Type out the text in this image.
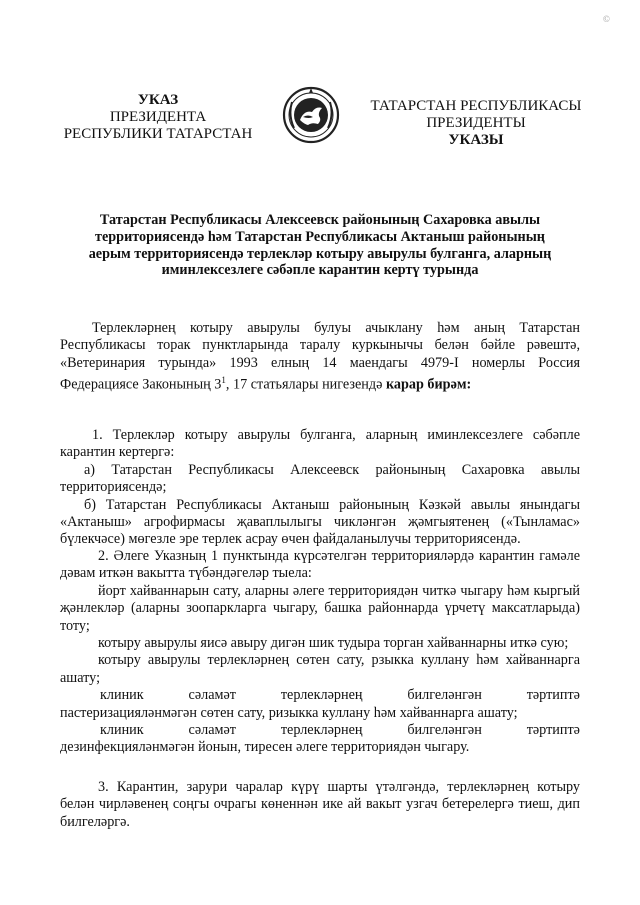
©
УКАЗ
ПРЕЗИДЕНТА
РЕСПУБЛИКИ ТАТАРСТАН
ТАТАРСТАН РЕСПУБЛИКАСЫ
ПРЕЗИДЕНТЫ
УКАЗЫ
Татарстан Республикасы Алексеевск районының Сахаровка авылы
территориясендә һәм Татарстан Республикасы Актаныш районының
аерым территориясендә терлекләр котыру авырулы булганга, аларның
иминлексезлеге сәбәпле карантин кертү турында

Терлекләрнең котыру авырулы булуы ачыклану һәм аның Татарстан Республикасы торак пунктларында таралу куркынычы белән бәйле рәвештә, «Ветеринария турында» 1993 елның 14 маендагы 4979-I номерлы Россия Федерациясе Законының $3^1$, 17 статьялары нигезендә карар бирәм:

1. Терлекләр котыру авырулы булганга, аларның иминлексезлеге сәбәпле карантин кертергә:

а) Татарстан Республикасы Алексеевск районының Сахаровка авылы территориясендә;

б) Татарстан Республикасы Актаныш районының Кәзкәй авылы янындагы «Актаныш» агрофирмасы җаваплылыгы чикләнгән җәмгыятенең («Тынламас» бүлекчәсе) мөгезле эре терлек асрау өчен файдаланылучы территориясендә.

2. Әлеге Указның 1 пунктында күрсәтелгән территорияләрдә карантин гамәле дәвам иткән вакытта түбәндәгеләр тыела:

йорт хайваннарын сату, аларны әлеге территориядән читкә чыгару һәм кыргый җәнлекләр (аларны зоопаркларга чыгару, башка районнарда үрчетү максатларыда) тоту;

котыру авырулы яисә авыру дигән шик тудыра торган хайваннарны иткә сую;

котыру авырулы терлекләрнең сөтен сату, рзыкка куллану һәм хайваннарга ашату;

клиник	сәламәт	терлекләрнең	билгеләнгән	тәртиптә

пастеризацияләнмәгән сөтен сату, ризыкка куллану һәм хайваннарга ашату;

клиник	сәламәт	терлекләрнең	билгеләнгән	тәртиптә

дезинфекцияләнмәгән йонын, тиресен әлеге территориядән чыгару.

3. Карантин, зарури чаралар күрү шарты үтәлгәндә, терлекләрнең котыру белән чирләвенең соңгы очрагы көненнән ике ай вакыт узгач бетерелергә тиеш, дип билгеләргә.
